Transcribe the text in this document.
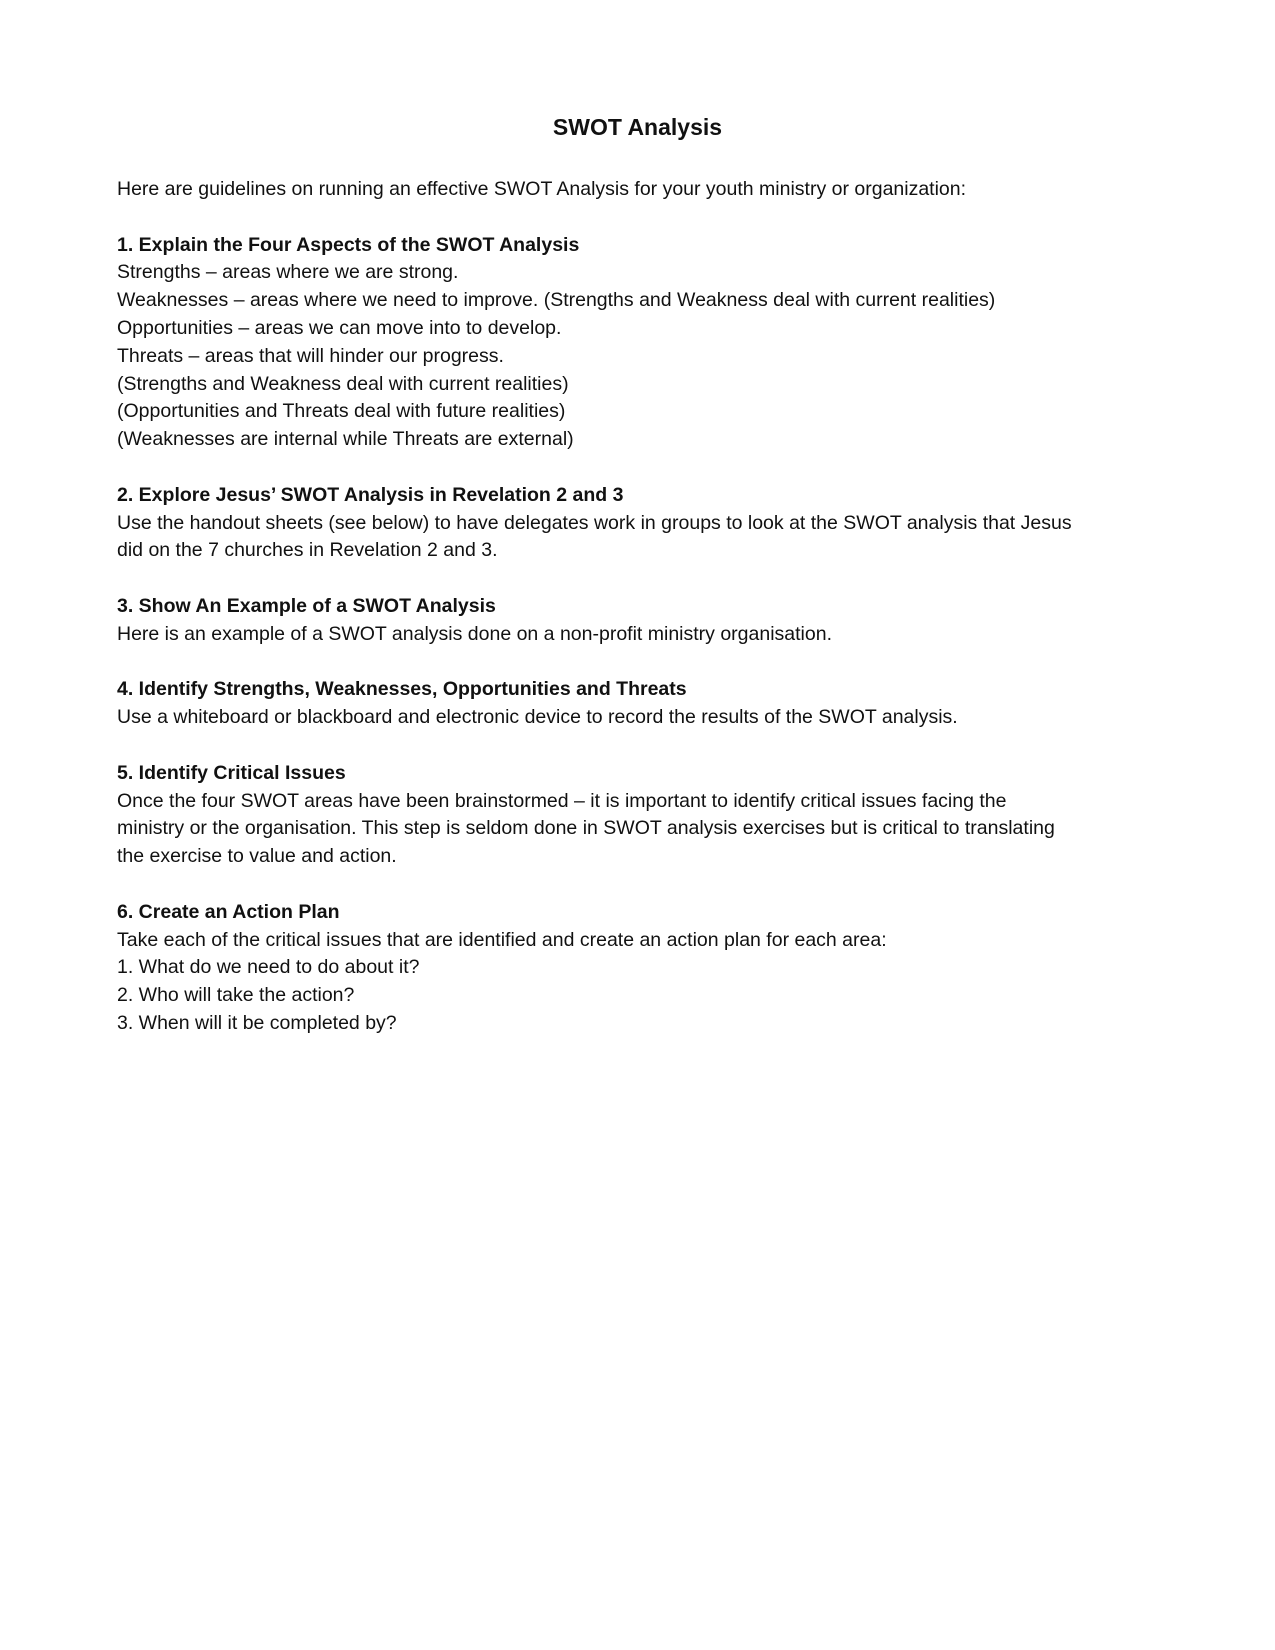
SWOT Analysis

Here are guidelines on running an effective SWOT Analysis for your youth ministry or organization:

1. Explain the Four Aspects of the SWOT Analysis

Strengths – areas where we are strong.

Weaknesses – areas where we need to improve. (Strengths and Weakness deal with current realities)

Opportunities – areas we can move into to develop.

Threats – areas that will hinder our progress.

(Strengths and Weakness deal with current realities)

(Opportunities and Threats deal with future realities)

(Weaknesses are internal while Threats are external)

2. Explore Jesus’ SWOT Analysis in Revelation 2 and 3

Use the handout sheets (see below) to have delegates work in groups to look at the SWOT analysis that Jesus

did on the 7 churches in Revelation 2 and 3.

3. Show An Example of a SWOT Analysis

Here is an example of a SWOT analysis done on a non-profit ministry organisation.

4. Identify Strengths, Weaknesses, Opportunities and Threats

Use a whiteboard or blackboard and electronic device to record the results of the SWOT analysis.

5. Identify Critical Issues

Once the four SWOT areas have been brainstormed – it is important to identify critical issues facing the

ministry or the organisation. This step is seldom done in SWOT analysis exercises but is critical to translating

the exercise to value and action.

6. Create an Action Plan

Take each of the critical issues that are identified and create an action plan for each area:

1. What do we need to do about it?

2. Who will take the action?

3. When will it be completed by?
